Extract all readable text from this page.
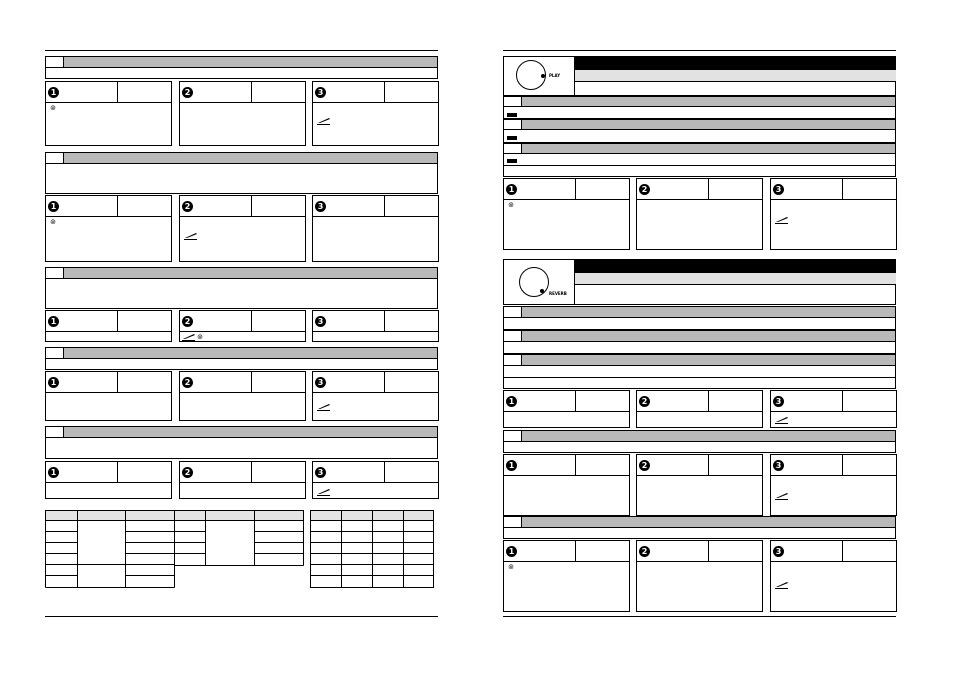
1
⊚
2	3
1
⊚
2	3
1	2
⊚
3
1	2	3
1	2	3
PLAY
1
⊚
2	3
REVERB
1	2	3
1	2	3
1
⊚
2	3
